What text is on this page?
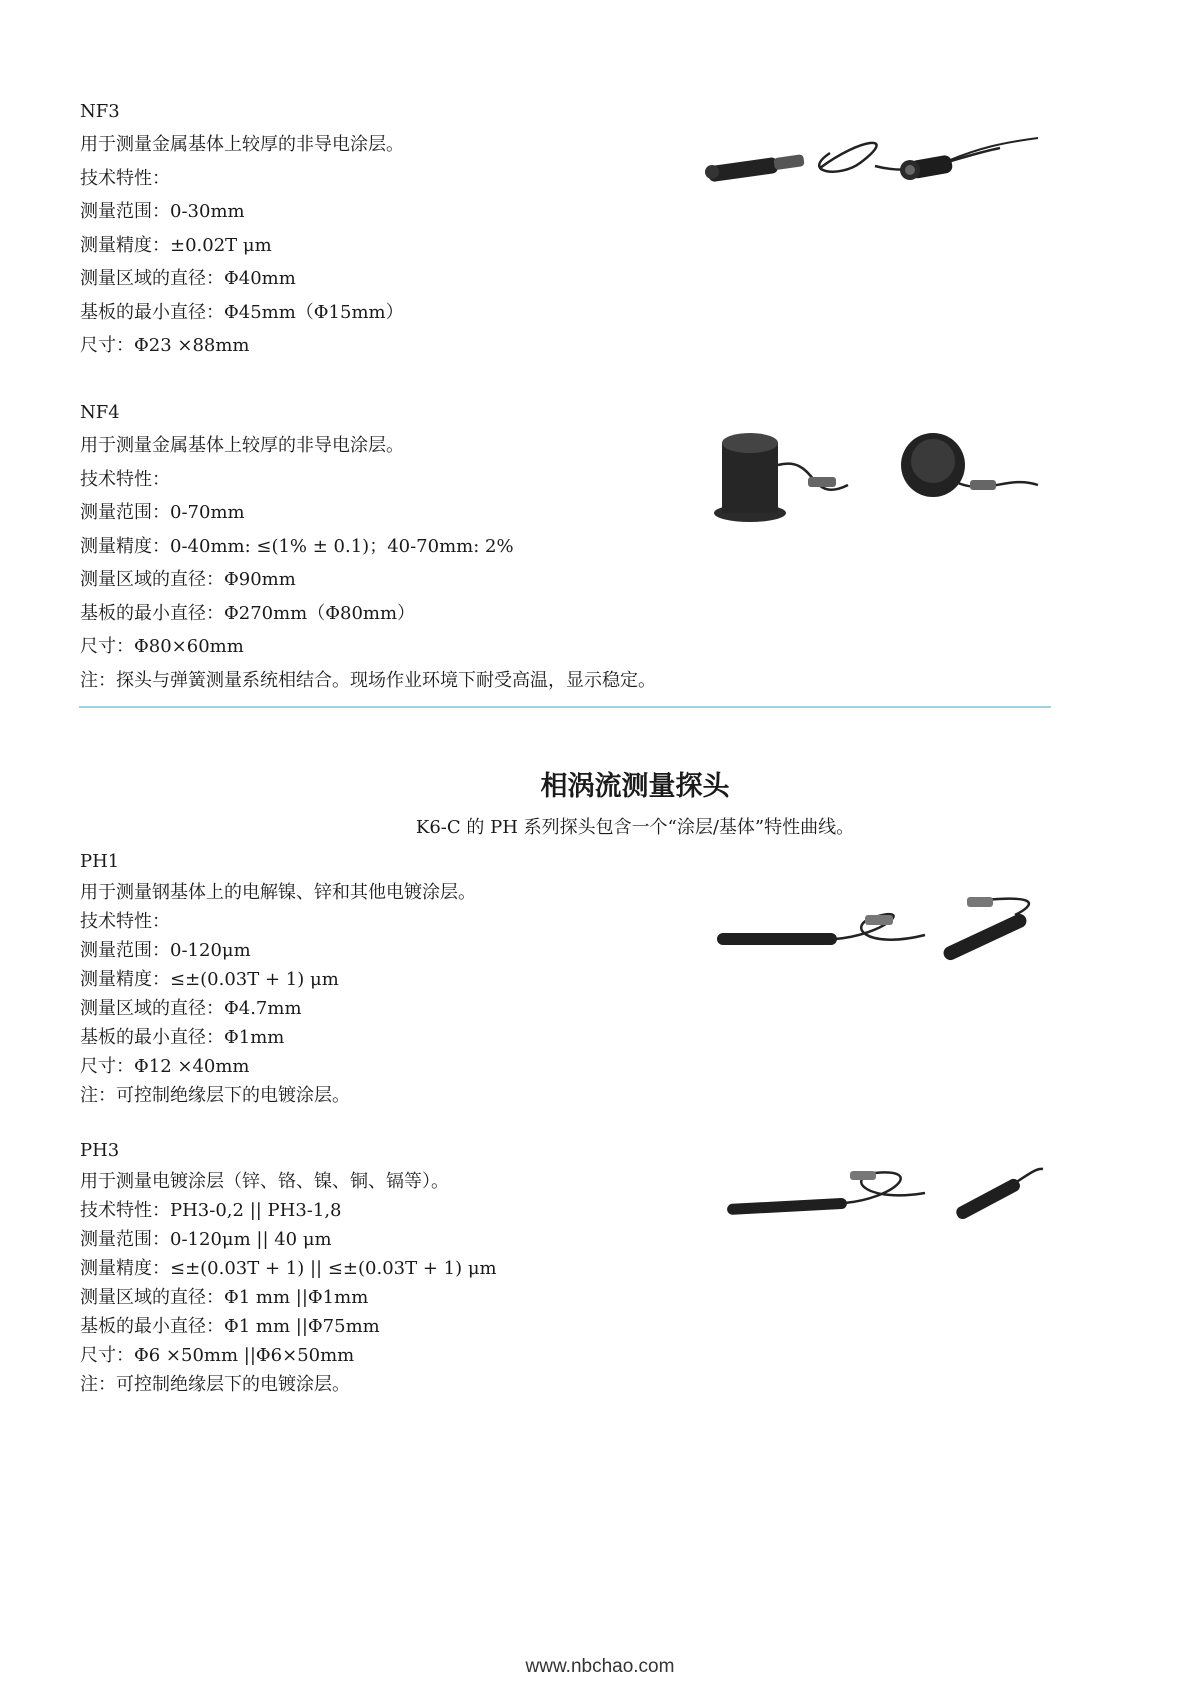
NF3
用于测量金属基体上较厚的非导电涂层。
技术特性：
测量范围：0-30mm
测量精度：±0.02T μm
测量区域的直径：Φ40mm
基板的最小直径：Φ45mm（Φ15mm）
尺寸：Φ23 ×88mm
NF4
用于测量金属基体上较厚的非导电涂层。
技术特性：
测量范围：0-70mm
测量精度：0-40mm: ≤(1% ± 0.1)；40-70mm: 2%
测量区域的直径：Φ90mm
基板的最小直径：Φ270mm（Φ80mm）
尺寸：Φ80×60mm
注：探头与弹簧测量系统相结合。现场作业环境下耐受高温，显示稳定。
相涡流测量探头
K6-C 的 PH 系列探头包含一个“涂层/基体”特性曲线。
PH1
用于测量钢基体上的电解镍、锌和其他电镀涂层。
技术特性：
测量范围：0-120μm
测量精度：≤±(0.03T + 1) μm
测量区域的直径：Φ4.7mm
基板的最小直径：Φ1mm
尺寸：Φ12 ×40mm
注：可控制绝缘层下的电镀涂层。
PH3
用于测量电镀涂层（锌、铬、镍、铜、镉等）。
技术特性：PH3-0,2 || PH3-1,8
测量范围：0-120μm || 40 μm
测量精度：≤±(0.03T + 1) || ≤±(0.03T + 1) μm
测量区域的直径：Φ1 mm ||Φ1mm
基板的最小直径：Φ1 mm ||Φ75mm
尺寸：Φ6 ×50mm ||Φ6×50mm
注：可控制绝缘层下的电镀涂层。
www.nbchao.com
